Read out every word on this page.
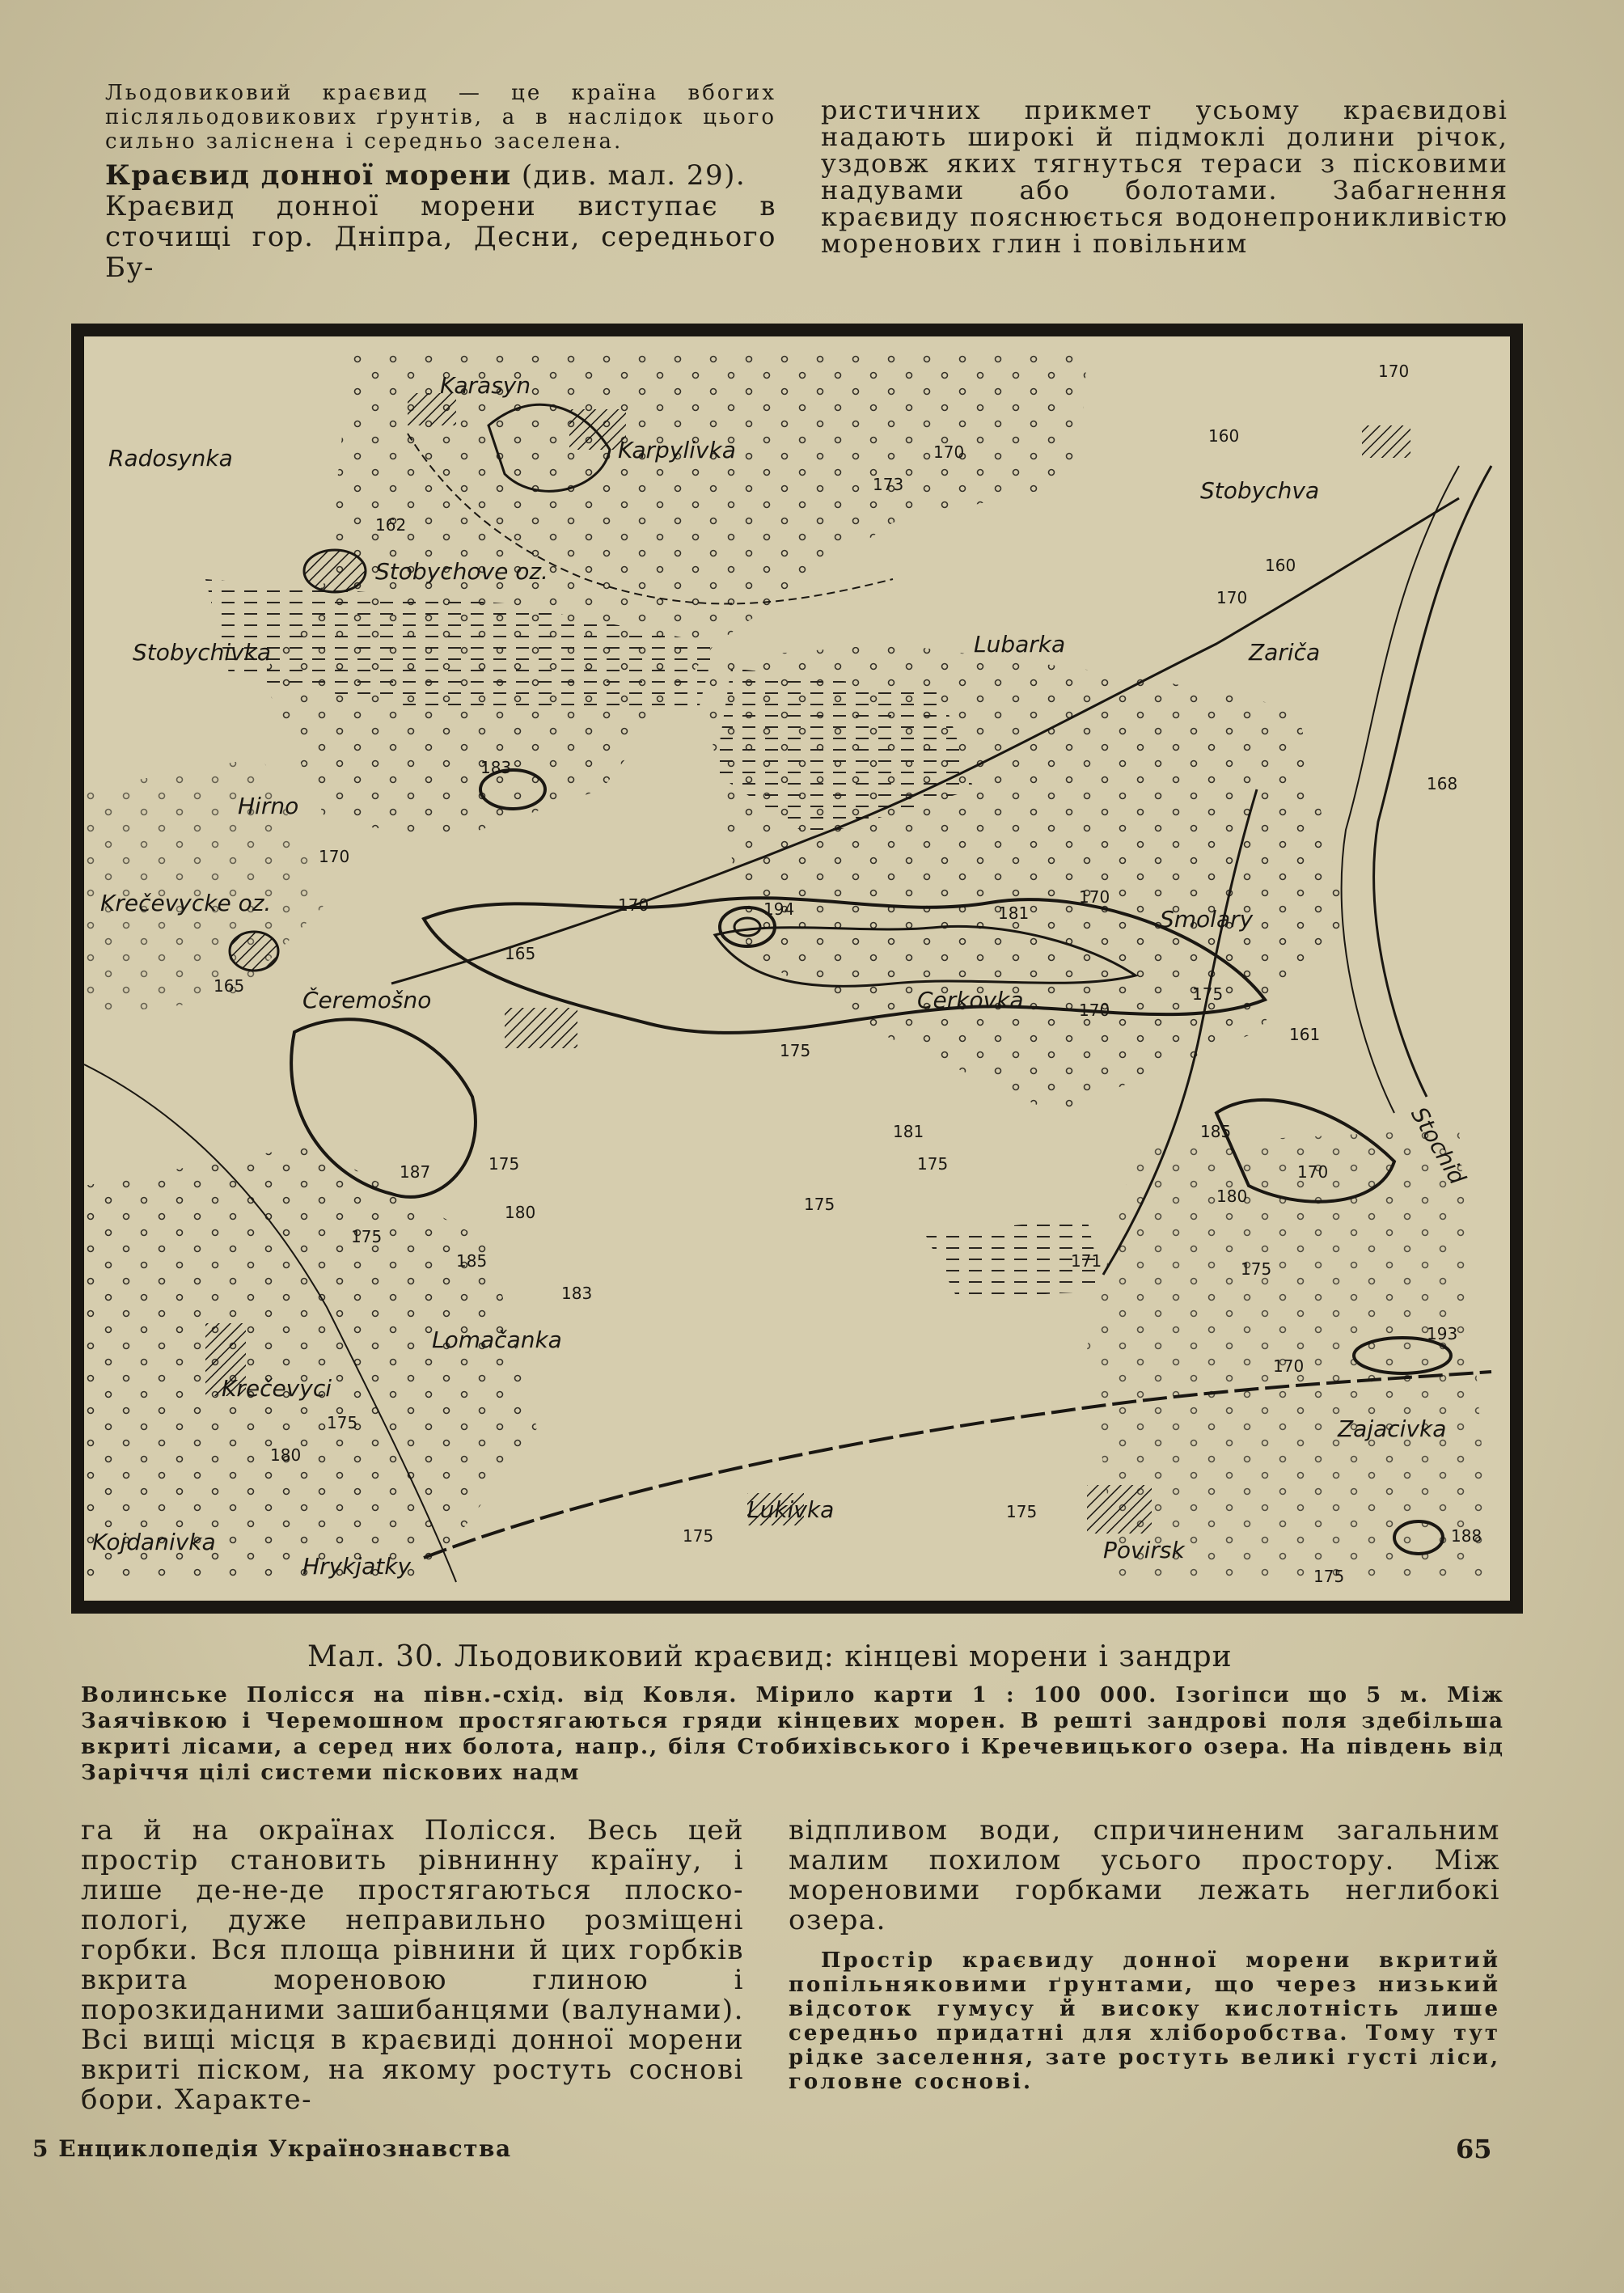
Льодовиковий краєвид — це країна вбогих післяльодовикових ґрунтів, а в наслідок цього сильно залісненa і середньо заселена.

Краєвид донної морени (див. мал. 29).

Краєвид донної морени виступає в сточищі гор. Дніпра, Десни, середнього Бу-

ристичних прикмет усьому краєвидові надають широкі й підмоклі долини річок, уздовж яких тягнуться тераси з пісковими надувами або болотами. Забагнення краєвиду пояснюється водонепроникливістю моренових глин і повільним

Karasyn
Karpylivka
Radosynka
Stobychove oz.
Stobychva
Stobychivka	Lubarka	Zariča
Hirno
Krečevycke oz.
Čeremošno
Smolary
Cerkovka
Stochid
Lomačanka
Krečevyci
Zajacivka
Lukivka
Povirsk
Kojdanivka
Hrykjatky
170
160
173
170
162
160
170
183
170
165
165
170	194	181
170
175
170
161
175
187	175
180
181
175
175
185
180
170
171
175
183
185
175
180
193
170
175
175
188
175
175
168
Мал. 30. Льодовиковий краєвид: кінцеві морени і зандри
Волинське Полісся на півн.-схід. від Ковля. Мірило карти 1 : 100 000. Ізогіпси що 5 м. Між Заячівкою і Черемошном простягаються гряди кінцевих морен. В решті зандрові поля здебільша вкриті лісами, а серед них болота, напр., біля Стобихівського і Кречевицького озера. На південь від Заріччя цілі системи піскових надм

га й на окраїнах Полісся. Весь цей простір становить рівнинну країну, і лише де-не-де простягаються плоско-пологі, дуже неправильно розміщені горбки. Вся площа рівнини й цих горбків вкрита моренoвою глиною і порозкиданими зашибанцями (валунами). Всі вищі місця в краєвиді донної морени вкриті піском, на якому ростуть соснові бори. Характе-

відпливом води, спричиненим загальним малим похилом усього простору. Між мореновими горбками лежать неглибокі озера.

Простір краєвиду донної морени вкритий попільняковими ґрунтами, що через низький відсоток гумусу й високу кислотність лише середньо придатні для хліборобства. Тому тут рідке заселення, зате ростуть великі густі ліси, головне соснові.

5 Енциклопедія Українознавства	65
